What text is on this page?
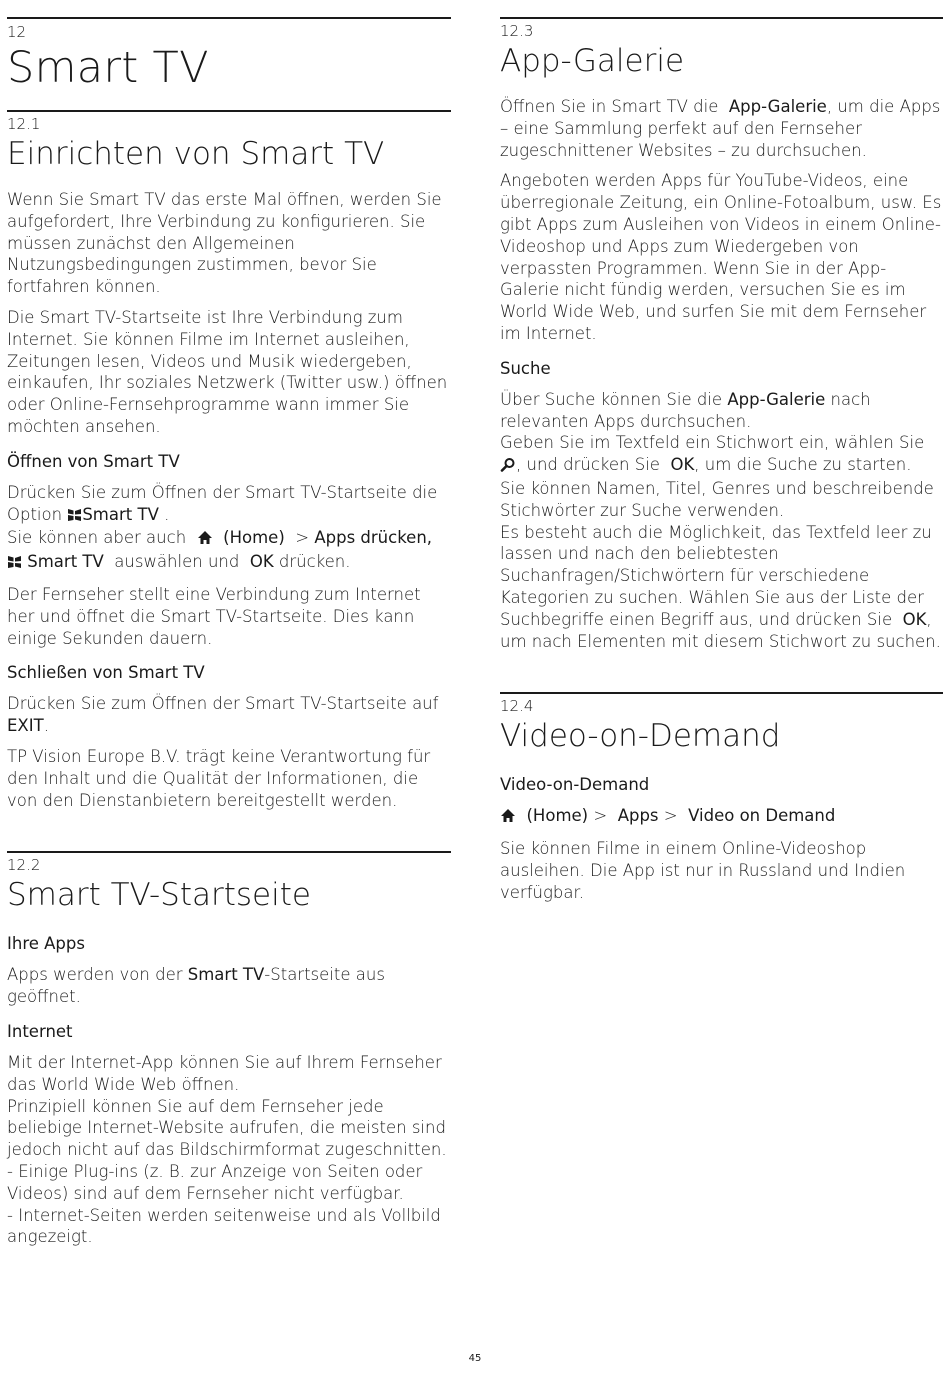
12
Smart TV
12.1
Einrichten von Smart TV

Wenn Sie Smart TV das erste Mal öffnen, werden Sie aufgefordert, Ihre Verbindung zu konfigurieren. Sie müssen zunächst den Allgemeinen Nutzungsbedingungen zustimmen, bevor Sie fortfahren können.

Die Smart TV-Startseite ist Ihre Verbindung zum Internet. Sie können Filme im Internet ausleihen, Zeitungen lesen, Videos und Musik wiedergeben, einkaufen, Ihr soziales Netzwerk (Twitter usw.) öffnen oder Online-Fernsehprogramme wann immer Sie möchten ansehen.

Öffnen von Smart TV

Drücken Sie zum Öffnen der Smart TV-Startseite die Option Smart TV .
Sie können aber auch (Home) > Apps drücken,
Smart TV auswählen und OK drücken.

Der Fernseher stellt eine Verbindung zum Internet her und öffnet die Smart TV-Startseite. Dies kann einige Sekunden dauern.

Schließen von Smart TV

Drücken Sie zum Öffnen der Smart TV-Startseite auf
EXIT.

TP Vision Europe B.V. trägt keine Verantwortung für den Inhalt und die Qualität der Informationen, die von den Dienstanbietern bereitgestellt werden.

12.2
Smart TV-Startseite
Ihre Apps

Apps werden von der Smart TV-Startseite aus geöffnet.

Internet

Mit der Internet-App können Sie auf Ihrem Fernseher das World Wide Web öffnen.
Prinzipiell können Sie auf dem Fernseher jede beliebige Internet-Website aufrufen, die meisten sind jedoch nicht auf das Bildschirmformat zugeschnitten.
- Einige Plug-ins (z. B. zur Anzeige von Seiten oder Videos) sind auf dem Fernseher nicht verfügbar.
- Internet-Seiten werden seitenweise und als Vollbild angezeigt.

12.3
App-Galerie

Öffnen Sie in Smart TV die App-Galerie, um die Apps – eine Sammlung perfekt auf den Fernseher zugeschnittener Websites – zu durchsuchen.

Angeboten werden Apps für YouTube-Videos, eine überregionale Zeitung, ein Online-Fotoalbum, usw. Es gibt Apps zum Ausleihen von Videos in einem Online-Videoshop und Apps zum Wiedergeben von verpassten Programmen. Wenn Sie in der App-Galerie nicht fündig werden, versuchen Sie es im World Wide Web, und surfen Sie mit dem Fernseher im Internet.

Suche

Über Suche können Sie die App-Galerie nach relevanten Apps durchsuchen.
Geben Sie im Textfeld ein Stichwort ein, wählen Sie  , und drücken Sie OK, um die Suche zu starten.
Sie können Namen, Titel, Genres und beschreibende Stichwörter zur Suche verwenden.
Es besteht auch die Möglichkeit, das Textfeld leer zu lassen und nach den beliebtesten Suchanfragen/Stichwörtern für verschiedene Kategorien zu suchen. Wählen Sie aus der Liste der Suchbegriffe einen Begriff aus, und drücken Sie OK, um nach Elementen mit diesem Stichwort zu suchen.

12.4
Video-on-Demand
Video-on-Demand

(Home) > Apps > Video on Demand

Sie können Filme in einem Online-Videoshop ausleihen. Die App ist nur in Russland und Indien verfügbar.

45
